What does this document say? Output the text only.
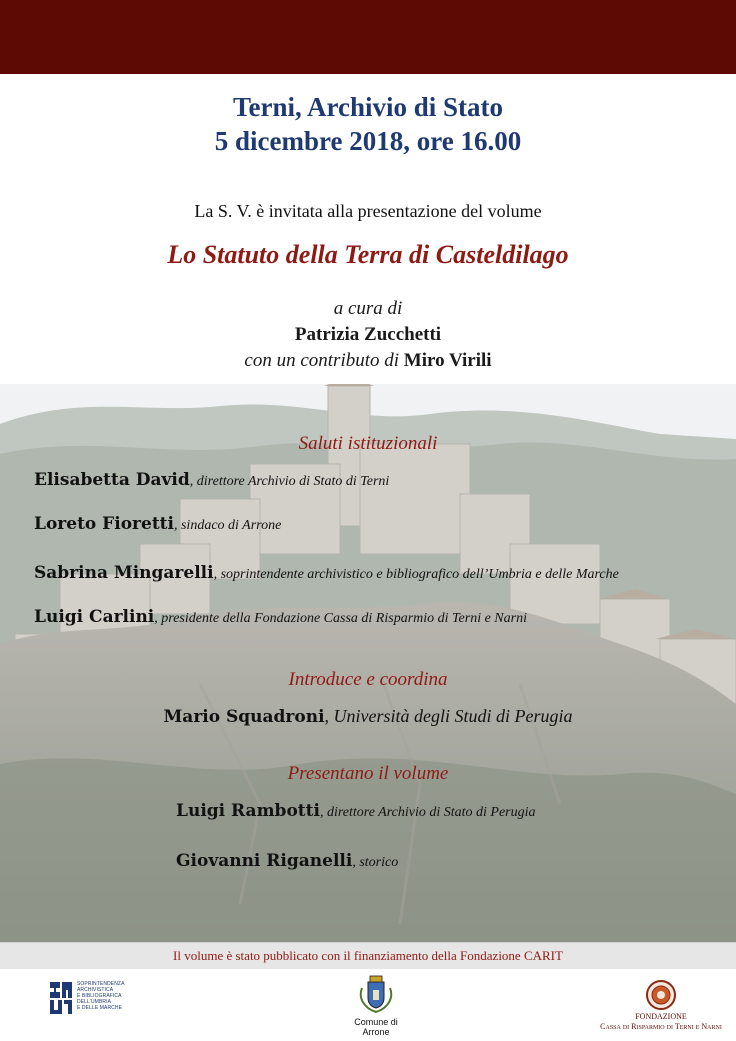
Terni, Archivio di Stato
5 dicembre 2018, ore 16.00
La S. V. è invitata alla presentazione del volume
Lo Statuto della Terra di Casteldilago
a cura di
Patrizia Zucchetti
con un contributo di Miro Virili
Saluti istituzionali
Elisabetta David, direttore Archivio di Stato di Terni
Loreto Fioretti, sindaco di Arrone
Sabrina Mingarelli, soprintendente archivistico e bibliografico dell’Umbria e delle Marche
Luigi Carlini, presidente della Fondazione Cassa di Risparmio di Terni e Narni
Introduce e coordina
Mario Squadroni, Università degli Studi di Perugia
Presentano il volume
Luigi Rambotti, direttore Archivio di Stato di Perugia
Giovanni Riganelli, storico
Il volume è stato pubblicato con il finanziamento della Fondazione CARIT
SOPRINTENDENZA
ARCHIVISTICA
E BIBLIOGRAFICA
DELL'UMBRIA
E DELLE MARCHE
Comune di Arrone
FONDAZIONE
Cassa di Risparmio di Terni e Narni
